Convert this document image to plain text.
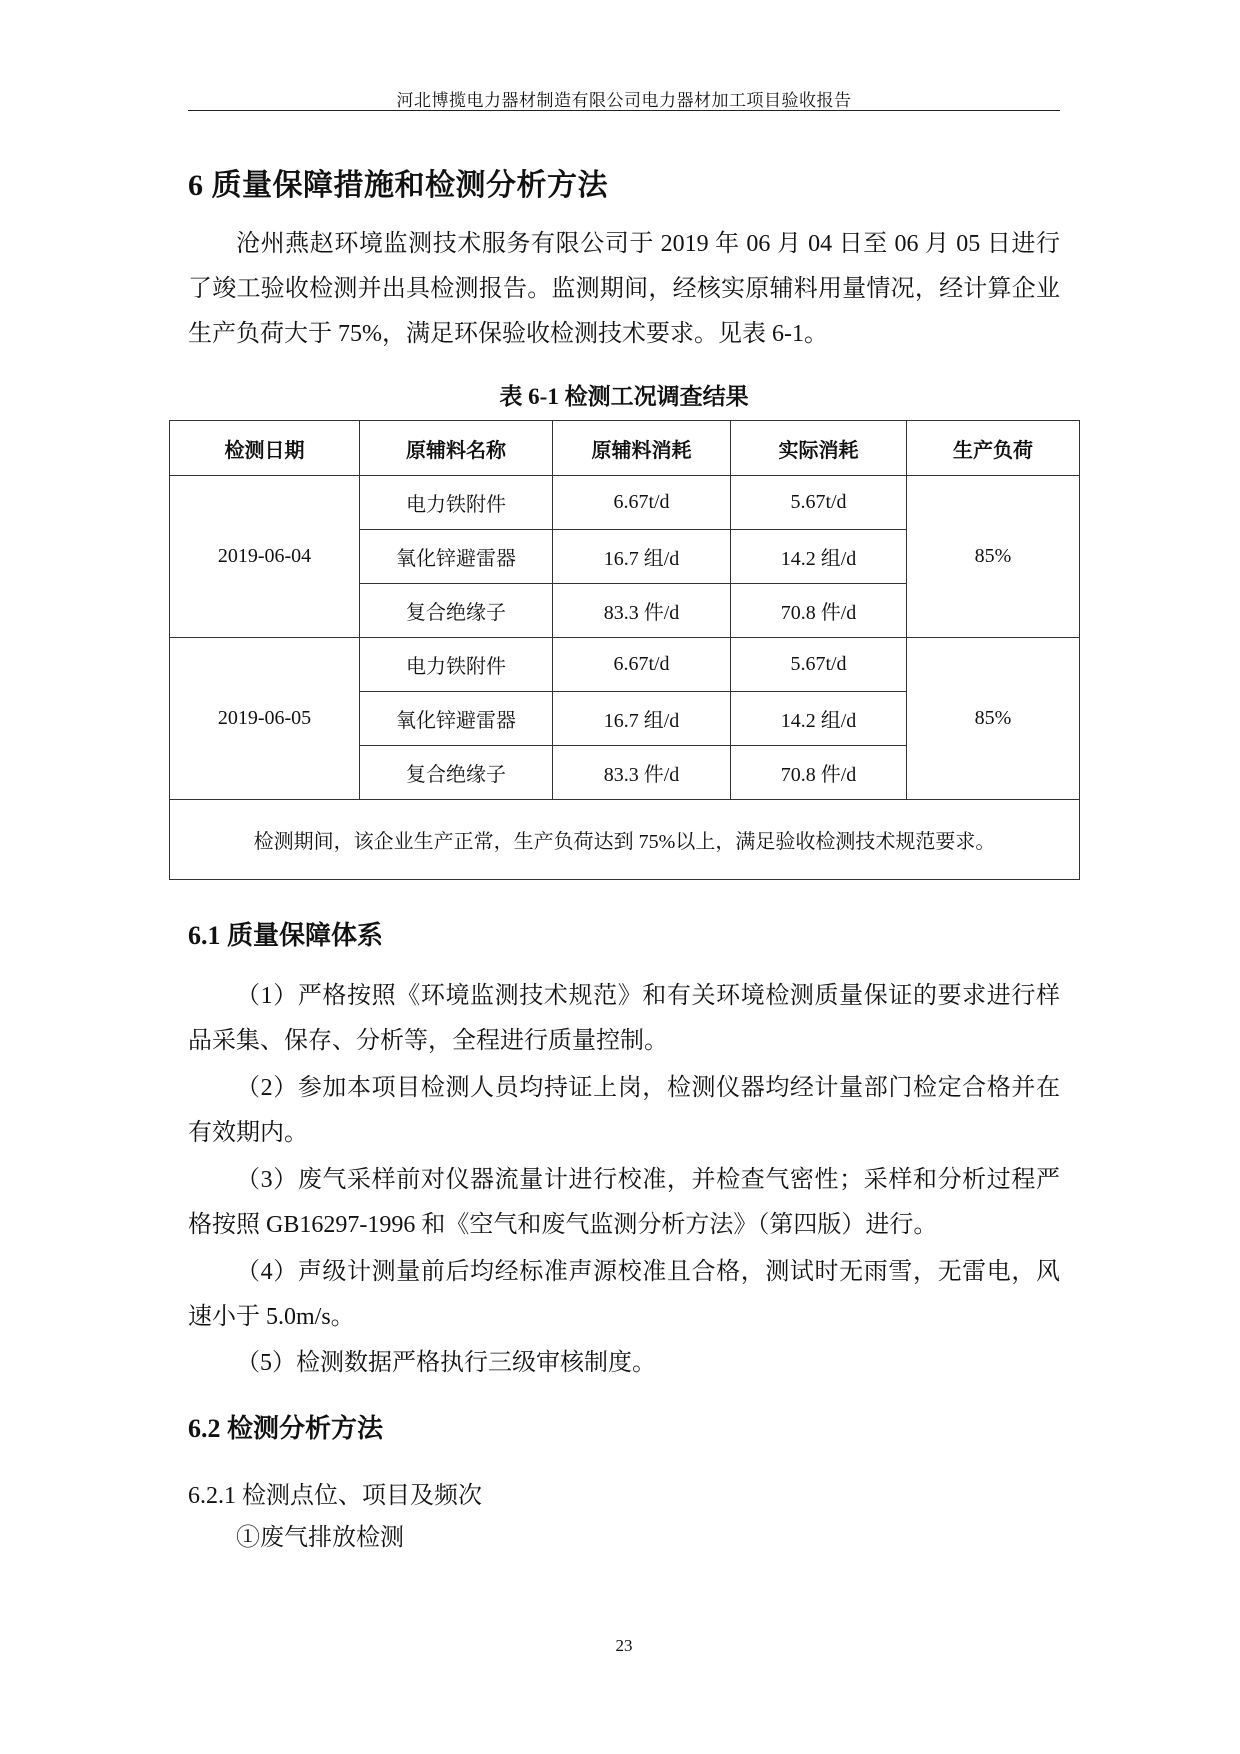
河北博揽电力器材制造有限公司电力器材加工项目验收报告
6 质量保障措施和检测分析方法
沧州燕赵环境监测技术服务有限公司于 2019 年 06 月 04 日至 06 月 05 日进行了竣工验收检测并出具检测报告。监测期间，经核实原辅料用量情况，经计算企业生产负荷大于 75%，满足环保验收检测技术要求。见表 6-1。
表 6-1 检测工况调查结果
检测日期	原辅料名称	原辅料消耗	实际消耗	生产负荷
2019-06-04	电力铁附件	6.67t/d	5.67t/d	85%
	氧化锌避雷器	16.7 组/d	14.2 组/d	
	复合绝缘子	83.3 件/d	70.8 件/d	
2019-06-05	电力铁附件	6.67t/d	5.67t/d	85%
	氧化锌避雷器	16.7 组/d	14.2 组/d	
	复合绝缘子	83.3 件/d	70.8 件/d	
检测期间，该企业生产正常，生产负荷达到 75%以上，满足验收检测技术规范要求。				
6.1 质量保障体系
（1）严格按照《环境监测技术规范》和有关环境检测质量保证的要求进行样品采集、保存、分析等，全程进行质量控制。
（2）参加本项目检测人员均持证上岗，检测仪器均经计量部门检定合格并在有效期内。
（3）废气采样前对仪器流量计进行校准，并检查气密性；采样和分析过程严格按照 GB16297-1996 和《空气和废气监测分析方法》（第四版）进行。
（4）声级计测量前后均经标准声源校准且合格，测试时无雨雪，无雷电，风速小于 5.0m/s。
（5）检测数据严格执行三级审核制度。
6.2 检测分析方法
6.2.1 检测点位、项目及频次
①废气排放检测
23
